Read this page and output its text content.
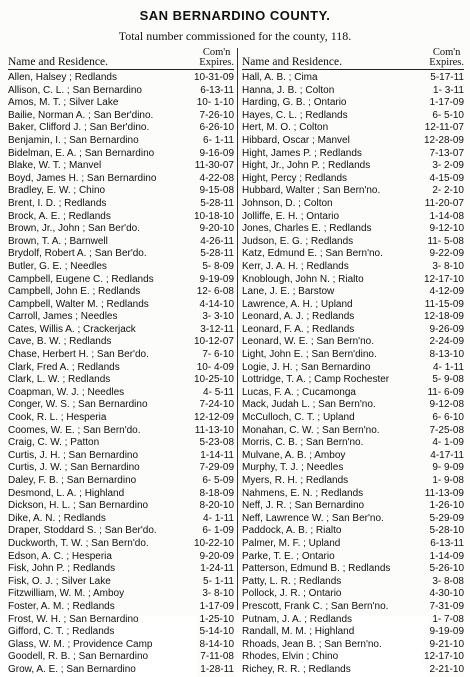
SAN BERNARDINO COUNTY.
Total number commissioned for the county, 118.
Name and Residence.
Com'n
Expires.
Allen, Halsey ; Redlands	10-31-09
Allison, C. L. ; San Bernardino	6-13-11
Amos, M. T. ; Silver Lake	10- 1-10
Bailie, Norman A. ; San Ber'dino.	7-26-10
Baker, Clifford J. ; San Ber'dino.	6-26-10
Benjamin, I. ; San Bernardino	6- 1-11
Bidelman, E. A. ; San Bernardino	9-16-09
Blake, W. T. ; Manvel	11-30-07
Boyd, James H. ; San Bernardino	4-22-08
Bradley, E. W. ; Chino	9-15-08
Brent, I. D. ; Redlands	5-28-11
Brock, A. E. ; Redlands	10-18-10
Brown, Jr., John ; San Ber'do.	9-20-10
Brown, T. A. ; Barnwell	4-26-11
Brydolf, Robert A. ; San Ber'do.	5-28-11
Butler, G. E. ; Needles	5- 8-09
Campbell, Eugene C. ; Redlands	9-19-09
Campbell, John E. ; Redlands	12- 6-08
Campbell, Walter M. ; Redlands	4-14-10
Carroll, James ; Needles	3- 3-10
Cates, Willis A. ; Crackerjack	3-12-11
Cave, B. W. ; Redlands	10-12-07
Chase, Herbert H. ; San Ber'do.	7- 6-10
Clark, Fred A. ; Redlands	10- 4-09
Clark, L. W. ; Redlands	10-25-10
Coapman, W. J. ; Needles	4- 5-11
Conger, W. S. ; San Bernardino	7-24-10
Cook, R. L. ; Hesperia	12-12-09
Coomes, W. E. ; San Bern'do.	11-13-10
Craig, C. W. ; Patton	5-23-08
Curtis, J. H. ; San Bernardino	1-14-11
Curtis, J. W. ; San Bernardino	7-29-09
Daley, F. B. ; San Bernardino	6- 5-09
Desmond, L. A. ; Highland	8-18-09
Dickson, H. L. ; San Bernardino	8-20-10
Dike, A. N. ; Redlands	4- 1-11
Draper, Stoddard S. ; San Ber'do.	6- 1-09
Duckworth, T. W. ; San Bern'do.	10-22-10
Edson, A. C. ; Hesperia	9-20-09
Fisk, John P. ; Redlands	1-24-11
Fisk, O. J. ; Silver Lake	5- 1-11
Fitzwilliam, W. M. ; Amboy	3- 8-10
Foster, A. M. ; Redlands	1-17-09
Frost, W. H. ; San Bernardino	1-25-10
Gifford, C. T. ; Redlands	5-14-10
Glass, W. M. ; Providence Camp	8-14-10
Goodell, R. B. ; San Bernardino	7-11-08
Grow, A. E. ; San Bernardino	1-28-11
Name and Residence.
Com'n
Expires.
Hall, A. B. ; Cima	5-17-11
Hanna, J. B. ; Colton	1- 3-11
Harding, G. B. ; Ontario	1-17-09
Hayes, C. L. ; Redlands	6- 5-10
Hert, M. O. ; Colton	12-11-07
Hibbard, Oscar ; Manvel	12-28-09
Hight, James P. ; Redlands	7-13-07
Hight, Jr., John P. ; Redlands	3- 2-09
Hight, Percy ; Redlands	4-15-09
Hubbard, Walter ; San Bern'no.	2- 2-10
Johnson, D. ; Colton	11-20-07
Jolliffe, E. H. ; Ontario	1-14-08
Jones, Charles E. ; Redlands	9-12-10
Judson, E. G. ; Redlands	11- 5-08
Katz, Edmund E. ; San Bern'no.	9-22-09
Kerr, J. A. H. ; Redlands	3- 8-10
Knoblough, John N. ; Rialto	12-17-10
Lane, J. E. ; Barstow	4-12-09
Lawrence, A. H. ; Upland	11-15-09
Leonard, A. J. ; Redlands	12-18-09
Leonard, F. A. ; Redlands	9-26-09
Leonard, W. E. ; San Bern'no.	2-24-09
Light, John E. ; San Bern'dino.	8-13-10
Logie, J. H. ; San Bernardino	4- 1-11
Lottridge, T. A. ; Camp Rochester	5- 9-08
Lucas, F. A. ; Cucamonga	11- 6-09
Mack, Judah L. ; San Bern'no.	9-12-08
McCulloch, C. T. ; Upland	6- 6-10
Monahan, C. W. ; San Bern'no.	7-25-08
Morris, C. B. ; San Bern'no.	4- 1-09
Mulvane, A. B. ; Amboy	4-17-11
Murphy, T. J. ; Needles	9- 9-09
Myers, R. H. ; Redlands	1- 9-08
Nahmens, E. N. ; Redlands	11-13-09
Neff, J. R. ; San Bernardino	1-26-10
Neff, Lawrence W. ; San Ber'no.	5-29-09
Paddock, A. B. ; Rialto	5-28-10
Palmer, M. F. ; Upland	6-13-11
Parke, T. E. ; Ontario	1-14-09
Patterson, Edmund B. ; Redlands	5-26-10
Patty, L. R. ; Redlands	3- 8-08
Pollock, J. R. ; Ontario	4-30-10
Prescott, Frank C. ; San Bern'no.	7-31-09
Putnam, J. A. ; Redlands	1- 7-08
Randall, M. M. ; Highland	9-19-09
Rhoads, Jean B. ; San Bern'no.	9-21-10
Rhodes, Elvin ; Chino	12-17-10
Richey, R. R. ; Redlands	2-21-10
